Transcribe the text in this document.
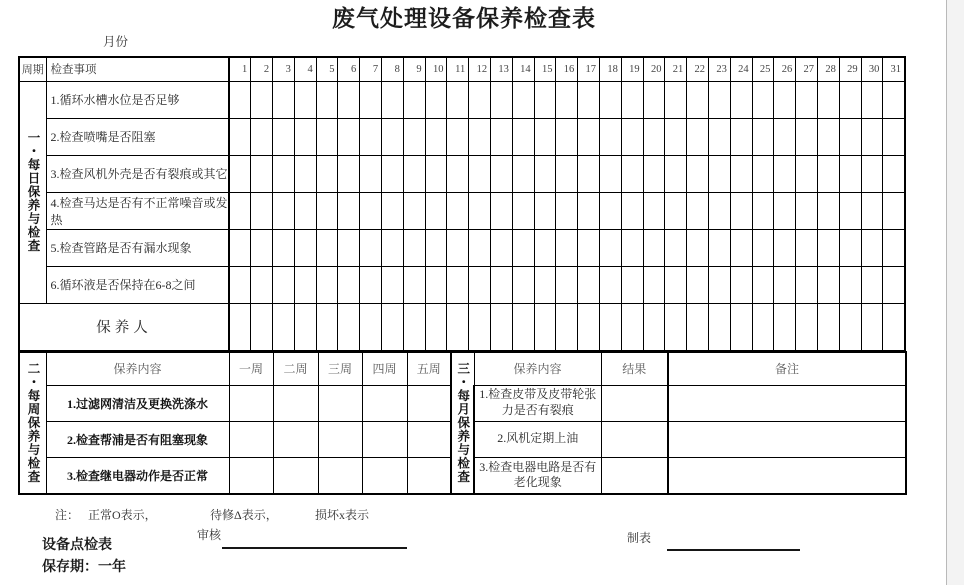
废气处理设备保养检查表
月份
周期	检查事项	1	2	3	4	5	6	7	8	9	10	11	12	13	14	15	16	17	18	19	20	21	22	23	24	25	26	27	28	29	30	31

一・每日保养与检查	1.循环水槽水位是否足够																															
	2.检查喷嘴是否阻塞																															
	3.检查风机外壳是否有裂痕或其它																															
	4.检查马达是否有不正常噪音或发热																															
	5.检查管路是否有漏水现象																															
	6.循环液是否保持在6-8之间																															
保养人																																
二・每周保养与检查	保养内容	一周	二周	三周	四周	五周	三・每月保养与检查	保养内容	结果	备注
	1.过滤网清洁及更换洗涤水							1.检查皮带及皮带轮张力是否有裂痕		
	2.检查帮浦是否有阻塞现象							2.风机定期上油		
	3.检查继电器动作是否正常							3.检查电器电路是否有老化现象		
注： 正常O表示，	待修Δ表示，	损坏x表示
审核	制表
设备点检表
保存期：一年
